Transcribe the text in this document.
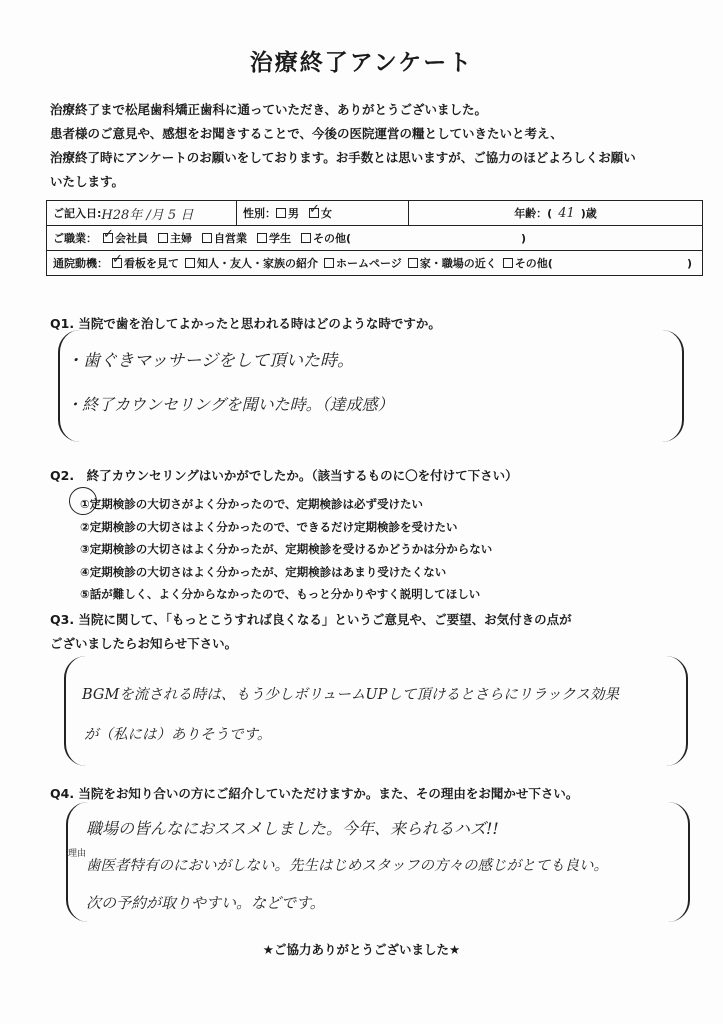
治療終了アンケート
治療終了まで松尾歯科矯正歯科に通っていただき、ありがとうございました。
患者様のご意見や、感想をお聞きすることで、今後の医院運営の糧としていきたいと考え、
治療終了時にアンケートのお願いをしております。お手数とは思いますが、ご協力のほどよろしくお願い
いたします。
ご記入日: H28年 /月 5 日	性別： 男 ✓ 女	年齢：( 41 )歳
ご職業： ✓ 会社員 主婦 自営業 学生 その他(	)
通院動機： ✓ 看板を見て 知人・友人・家族の紹介 ホームページ 家・職場の近く その他(	)
Q1. 当院で歯を治してよかったと思われる時はどのような時ですか。
・歯ぐきマッサージをして頂いた時。
・終了カウンセリングを聞いた時。（達成感）
Q2.　終了カウンセリングはいかがでしたか。（該当するものに〇を付けて下さい）
①定期検診の大切さがよく分かったので、定期検診は必ず受けたい
②定期検診の大切さはよく分かったので、できるだけ定期検診を受けたい
③定期検診の大切さはよく分かったが、定期検診を受けるかどうかは分からない
④定期検診の大切さはよく分かったが、定期検診はあまり受けたくない
⑤話が難しく、よく分からなかったので、もっと分かりやすく説明してほしい
Q3. 当院に関して、「もっとこうすれば良くなる」というご意見や、ご要望、お気付きの点が
ございましたらお知らせ下さい。
BGMを流される時は、もう少しボリュームUPして頂けるとさらにリラックス効果
が（私には）ありそうです。
Q4. 当院をお知り合いの方にご紹介していただけますか。また、その理由をお聞かせ下さい。
職場の皆んなにおススメしました。今年、来られるハズ!!
理由
歯医者特有のにおいがしない。先生はじめスタッフの方々の感じがとても良い。
次の予約が取りやすい。などです。
★ご協力ありがとうございました★
